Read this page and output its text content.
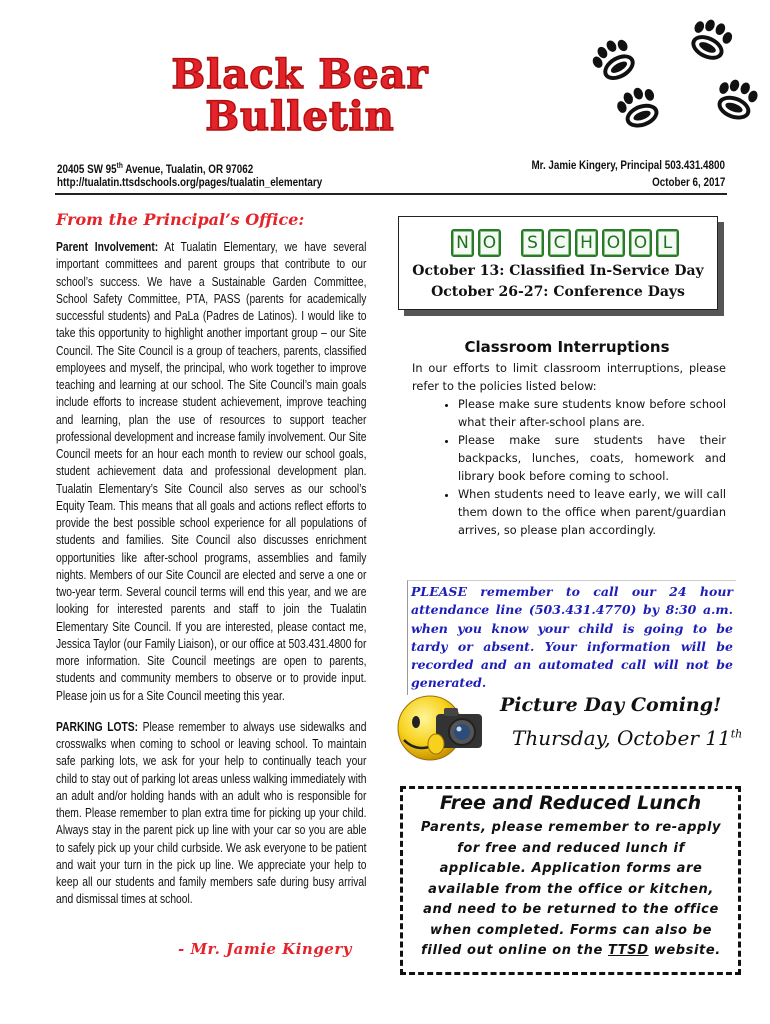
Black Bear
Bulletin
20405 SW 95th Avenue, Tualatin, OR 97062
http://tualatin.ttsdschools.org/pages/tualatin_elementary
Mr. Jamie Kingery, Principal 503.431.4800
October 6, 2017
From the Principal’s Office:

Parent Involvement: At Tualatin Elementary, we have several important committees and parent groups that contribute to our school’s success. We have a Sustainable Garden Committee, School Safety Committee, PTA, PASS (parents for academically successful students) and PaLa (Padres de Latinos). I would like to take this opportunity to highlight another important group – our Site Council. The Site Council is a group of teachers, parents, classified employees and myself, the principal, who work together to improve teaching and learning at our school. The Site Council’s main goals include efforts to increase student achievement, improve teaching and learning, plan the use of resources to support teacher professional development and increase family involvement. Our Site Council meets for an hour each month to review our school goals, student achievement data and professional development plan. Tualatin Elementary’s Site Council also serves as our school’s Equity Team. This means that all goals and actions reflect efforts to provide the best possible school experience for all populations of students and families. Site Council also discusses enrichment opportunities like after-school programs, assemblies and family nights. Members of our Site Council are elected and serve a one or two-year term. Several council terms will end this year, and we are looking for interested parents and staff to join the Tualatin Elementary Site Council. If you are interested, please contact me, Jessica Taylor (our Family Liaison), or our office at 503.431.4800 for more information. Site Council meetings are open to parents, students and community members to observe or to provide input. Please join us for a Site Council meeting this year.

PARKING LOTS: Please remember to always use sidewalks and crosswalks when coming to school or leaving school. To maintain safe parking lots, we ask for your help to continually teach your child to stay out of parking lot areas unless walking immediately with an adult and/or holding hands with an adult who is responsible for them. Please remember to plan extra time for picking up your child. Always stay in the parent pick up line with your car so you are able to safely pick up your child curbside. We ask everyone to be patient and wait your turn in the pick up line. We appreciate your help to keep all our students and family members safe during busy arrival and dismissal times at school.

- Mr. Jamie Kingery
N O	S C H O O L
October 13: Classified In-Service Day
October 26-27: Conference Days
Classroom Interruptions
In our efforts to limit classroom interruptions, please refer to the policies listed below:
• Please make sure students know before school what their after-school plans are.
• Please make sure students have their backpacks, lunches, coats, homework and library book before coming to school.
• When students need to leave early, we will call them down to the office when parent/guardian arrives, so please plan accordingly.
PLEASE remember to call our 24 hour attendance line (503.431.4770) by 8:30 a.m. when you know your child is going to be tardy or absent. Your information will be recorded and an automated call will not be generated.
Picture Day Coming!
Thursday, October 11th
Free and Reduced Lunch
Parents, please remember to re-apply for free and reduced lunch if applicable. Application forms are available from the office or kitchen, and need to be returned to the office when completed. Forms can also be filled out online on the TTSD website.
